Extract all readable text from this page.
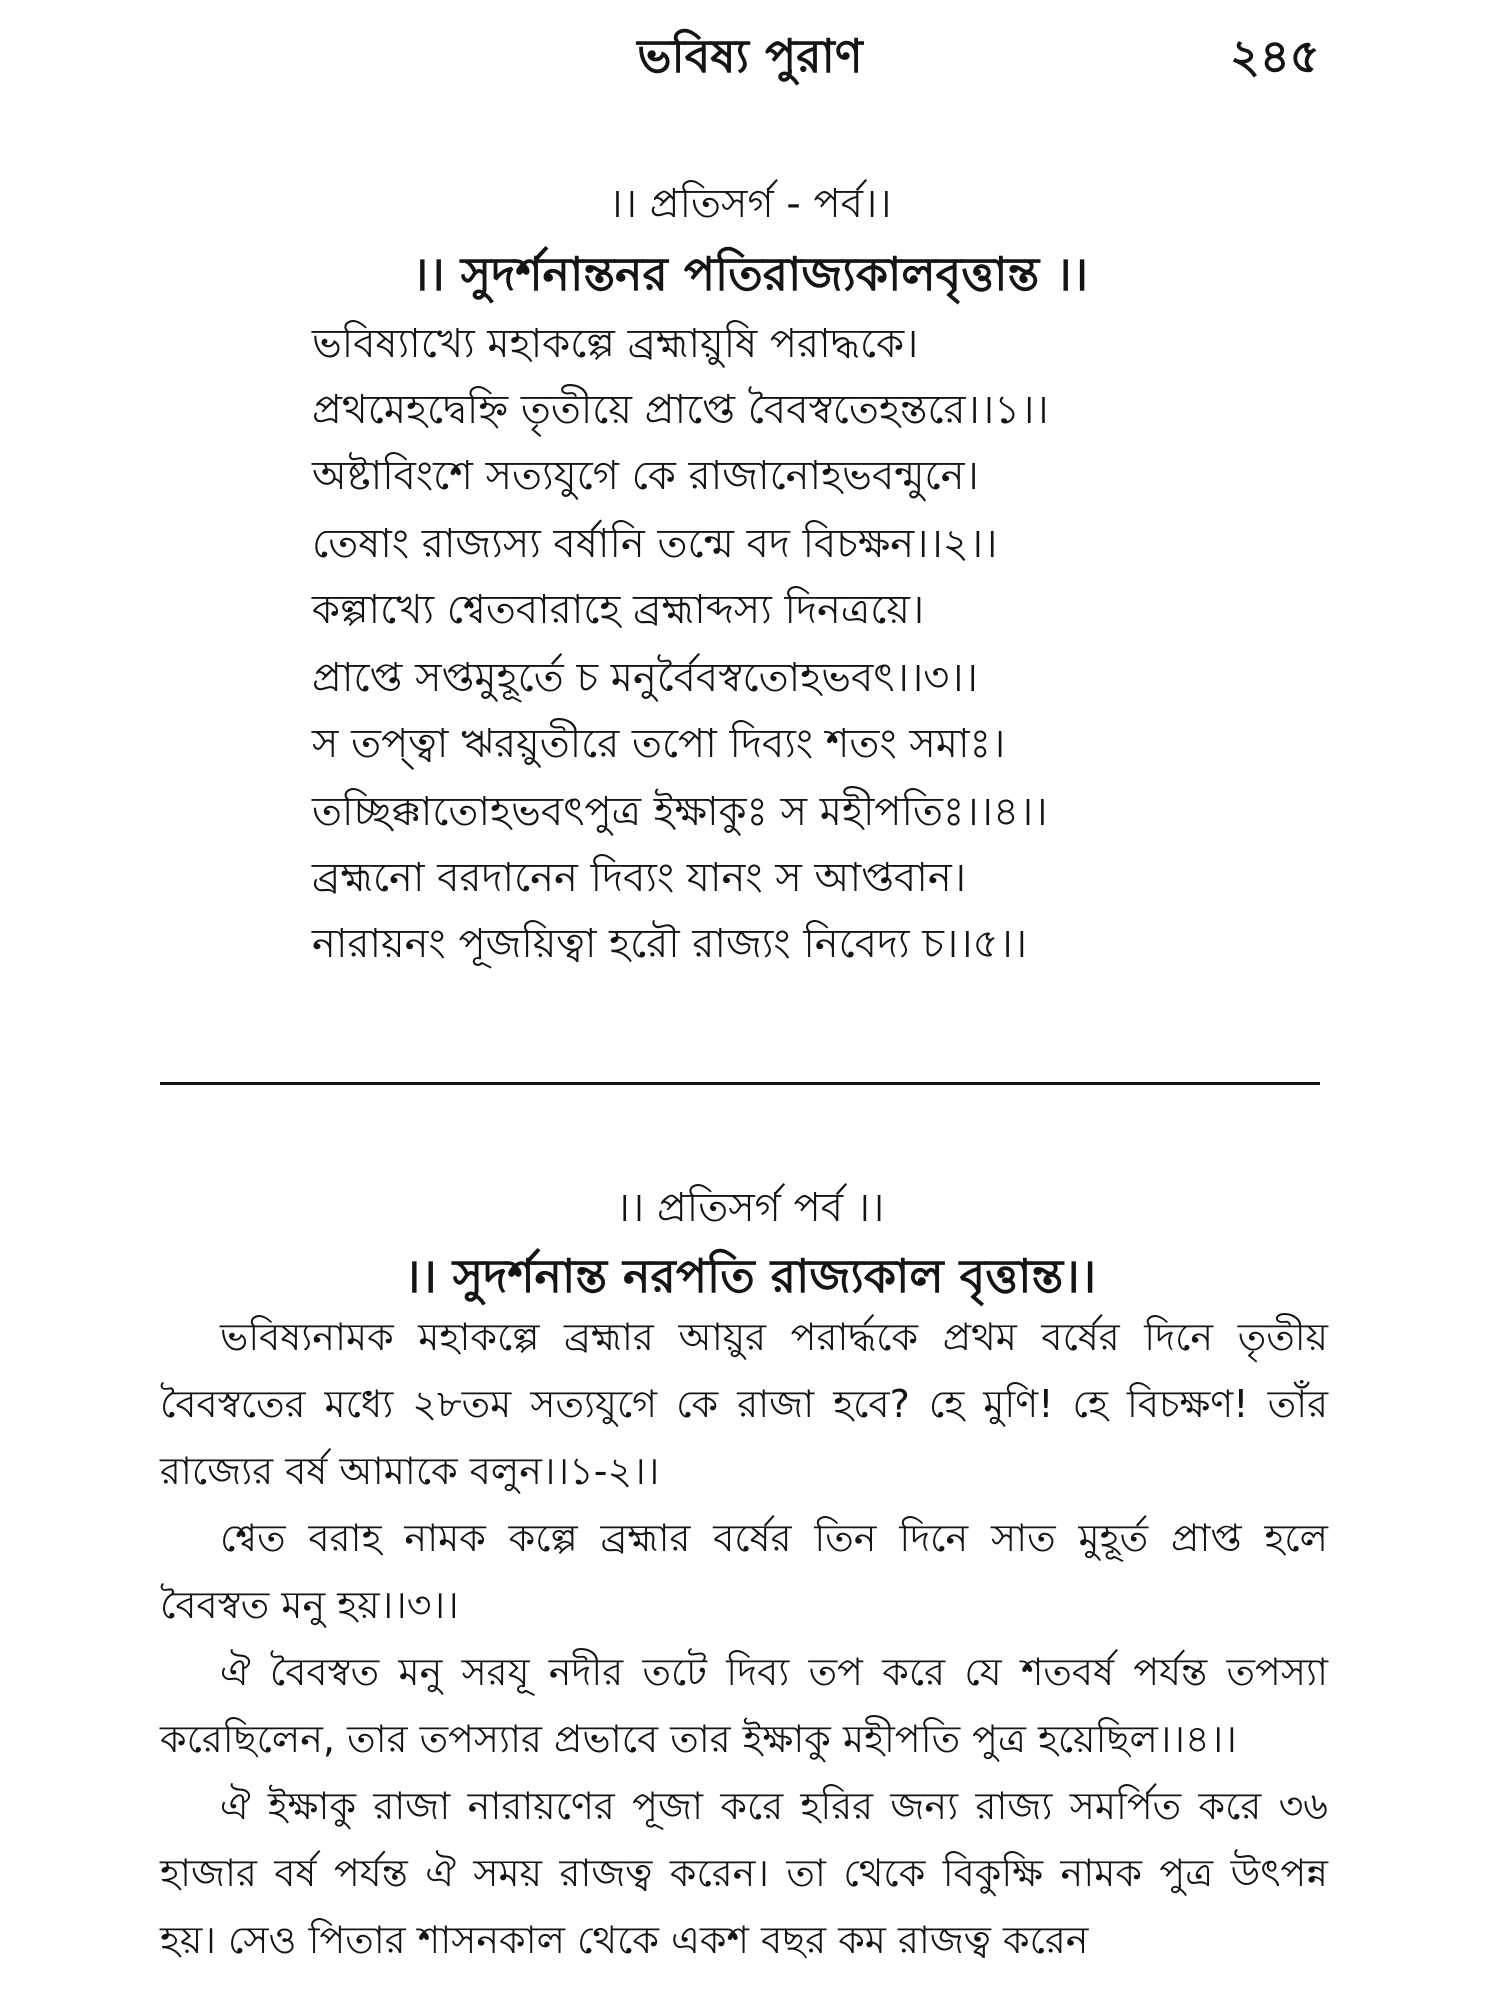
ভবিষ্য পুরাণ	২৪৫
।। প্রতিসর্গ - পর্ব।।
।। সুদর্শনান্তনর পতিরাজ্যকালবৃত্তান্ত ।।
ভবিষ্যাখ্যে মহাকল্পে ব্রহ্মায়ুষি পরাদ্ধকে।
প্রথমেহদ্বেহ্নি তৃতীয়ে প্রাপ্তে বৈবস্বতেহন্তরে।।১।।
অষ্টাবিংশে সত্যযুগে কে রাজানোহভবন্মুনে।
তেষাং রাজ্যস্য বর্ষানি তন্মে বদ বিচক্ষন।।২।।
কল্পাখ্যে শ্বেতবারাহে ব্রহ্মাব্দস্য দিনত্রয়ে।
প্রাপ্তে সপ্তমুহূর্তে চ মনুর্বৈবস্বতোহভবৎ।।৩।।
স তপ্ত্বা ঋরয়ুতীরে তপো দিব্যং শতং সমাঃ।
তচ্ছিক্কাতোহভবৎপুত্র ইক্ষাকুঃ স মহীপতিঃ।।৪।।
ব্রহ্মনো বরদানেন দিব্যং যানং স আপ্তবান।
নারায়নং পূজয়িত্বা হরৌ রাজ্যং নিবেদ্য চ।।৫।।
।। প্রতিসর্গ পর্ব ।।
।। সুদর্শনান্ত নরপতি রাজ্যকাল বৃত্তান্ত।।

ভবিষ্যনামক মহাকল্পে ব্রহ্মার আয়ুর পরার্দ্ধকে প্রথম বর্ষের দিনে তৃতীয় বৈবস্বতের মধ্যে ২৮তম সত্যযুগে কে রাজা হবে? হে মুণি! হে বিচক্ষণ! তাঁর রাজ্যের বর্ষ আমাকে বলুন।।১-২।।

শ্বেত বরাহ নামক কল্পে ব্রহ্মার বর্ষের তিন দিনে সাত মুহূর্ত প্রাপ্ত হলে বৈবস্বত মনু হয়।।৩।।

ঐ বৈবস্বত মনু সরযূ নদীর তটে দিব্য তপ করে যে শতবর্ষ পর্যন্ত তপস্যা করেছিলেন, তার তপস্যার প্রভাবে তার ইক্ষাকু মহীপতি পুত্র হয়েছিল।।৪।।

ঐ ইক্ষাকু রাজা নারায়ণের পূজা করে হরির জন্য রাজ্য সমর্পিত করে ৩৬ হাজার বর্ষ পর্যন্ত ঐ সময় রাজত্ব করেন। তা থেকে বিকুক্ষি নামক পুত্র উৎপন্ন হয়। সেও পিতার শাসনকাল থেকে একশ বছর কম রাজত্ব করেন
